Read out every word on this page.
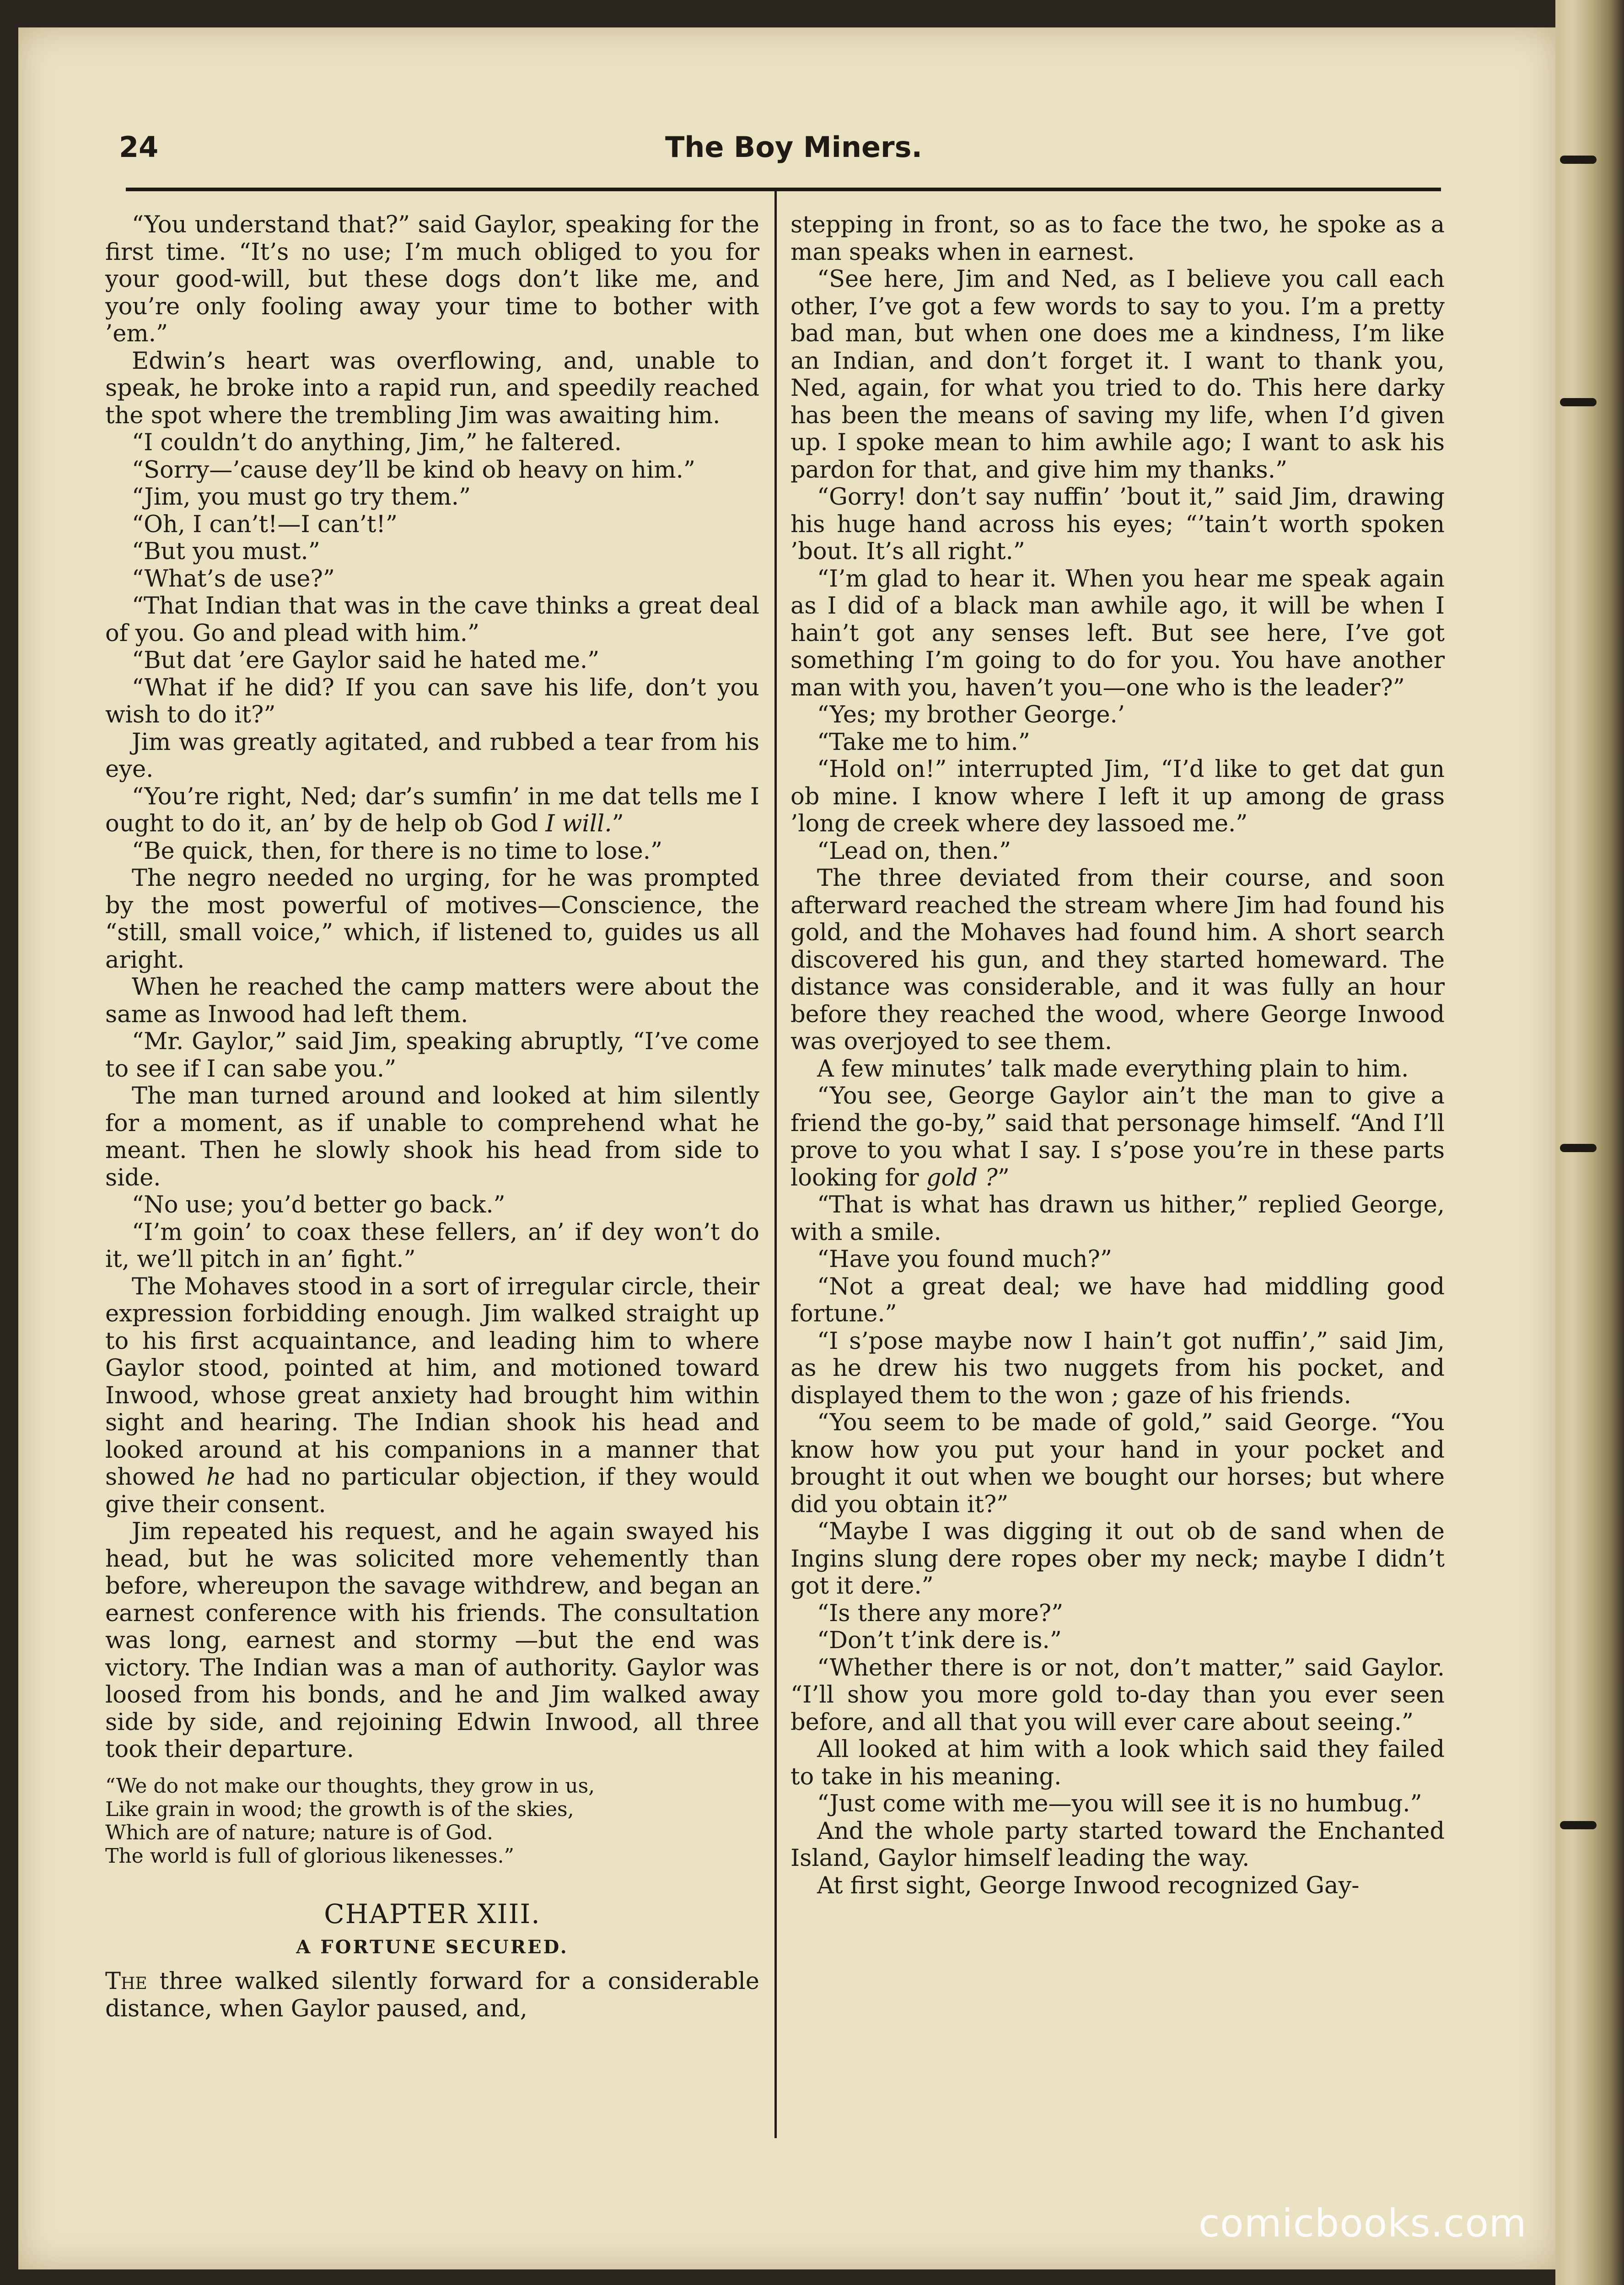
The Boy Miners.
24

“You understand that?” said Gaylor, speaking for the first time. “It’s no use; I’m much obliged to you for your good-will, but these dogs don’t like me, and you’re only fooling away your time to bother with ’em.”

Edwin’s heart was overflowing, and, unable to speak, he broke into a rapid run, and speedily reached the spot where the trembling Jim was awaiting him.

“I couldn’t do anything, Jim,” he faltered.

“Sorry—’cause dey’ll be kind ob heavy on him.”

“Jim, you must go try them.”

“Oh, I can’t!—I can’t!”

“But you must.”

“What’s de use?”

“That Indian that was in the cave thinks a great deal of you. Go and plead with him.”

“But dat ’ere Gaylor said he hated me.”

“What if he did? If you can save his life, don’t you wish to do it?”

Jim was greatly agitated, and rubbed a tear from his eye.

“You’re right, Ned; dar’s sumfin’ in me dat tells me I ought to do it, an’ by de help ob God I will.”

“Be quick, then, for there is no time to lose.”

The negro needed no urging, for he was prompted by the most powerful of motives—Conscience, the “still, small voice,” which, if listened to, guides us all aright.

When he reached the camp matters were about the same as Inwood had left them.

“Mr. Gaylor,” said Jim, speaking abruptly, “I’ve come to see if I can sabe you.”

The man turned around and looked at him silently for a moment, as if unable to comprehend what he meant. Then he slowly shook his head from side to side.

“No use; you’d better go back.”

“I’m goin’ to coax these fellers, an’ if dey won’t do it, we’ll pitch in an’ fight.”

The Mohaves stood in a sort of irregular circle, their expression forbidding enough. Jim walked straight up to his first acquaintance, and leading him to where Gaylor stood, pointed at him, and motioned toward Inwood, whose great anxiety had brought him within sight and hearing. The Indian shook his head and looked around at his companions in a manner that showed he had no particular objection, if they would give their consent.

Jim repeated his request, and he again swayed his head, but he was solicited more vehemently than before, whereupon the savage withdrew, and began an earnest conference with his friends. The consultation was long, earnest and stormy —but the end was victory. The Indian was a man of authority. Gaylor was loosed from his bonds, and he and Jim walked away side by side, and rejoining Edwin Inwood, all three took their departure.

“We do not make our thoughts, they grow in us,
Like grain in wood; the growth is of the skies,
Which are of nature; nature is of God.
The world is full of glorious likenesses.”
CHAPTER XIII.
A FORTUNE SECURED.

The three walked silently forward for a considerable distance, when Gaylor paused, and,

stepping in front, so as to face the two, he spoke as a man speaks when in earnest.

“See here, Jim and Ned, as I believe you call each other, I’ve got a few words to say to you. I’m a pretty bad man, but when one does me a kindness, I’m like an Indian, and don’t forget it. I want to thank you, Ned, again, for what you tried to do. This here darky has been the means of saving my life, when I’d given up. I spoke mean to him awhile ago; I want to ask his pardon for that, and give him my thanks.”

“Gorry! don’t say nuffin’ ’bout it,” said Jim, drawing his huge hand across his eyes; “’tain’t worth spoken ’bout. It’s all right.”

“I’m glad to hear it. When you hear me speak again as I did of a black man awhile ago, it will be when I hain’t got any senses left. But see here, I’ve got something I’m going to do for you. You have another man with you, haven’t you—one who is the leader?”

“Yes; my brother George.’

“Take me to him.”

“Hold on!” interrupted Jim, “I’d like to get dat gun ob mine. I know where I left it up among de grass ’long de creek where dey lassoed me.”

“Lead on, then.”

The three deviated from their course, and soon afterward reached the stream where Jim had found his gold, and the Mohaves had found him. A short search discovered his gun, and they started homeward. The distance was considerable, and it was fully an hour before they reached the wood, where George Inwood was overjoyed to see them.

A few minutes’ talk made everything plain to him.

“You see, George Gaylor ain’t the man to give a friend the go-by,” said that personage himself. “And I’ll prove to you what I say. I s’pose you’re in these parts looking for gold ?”

“That is what has drawn us hither,” replied George, with a smile.

“Have you found much?”

“Not a great deal; we have had middling good fortune.”

“I s’pose maybe now I hain’t got nuffin’,” said Jim, as he drew his two nuggets from his pocket, and displayed them to the won ; gaze of his friends.

“You seem to be made of gold,” said George. “You know how you put your hand in your pocket and brought it out when we bought our horses; but where did you obtain it?”

“Maybe I was digging it out ob de sand when de Ingins slung dere ropes ober my neck; maybe I didn’t got it dere.”

“Is there any more?”

“Don’t t’ink dere is.”

“Whether there is or not, don’t matter,” said Gaylor. “I’ll show you more gold to-day than you ever seen before, and all that you will ever care about seeing.”

All looked at him with a look which said they failed to take in his meaning.

“Just come with me—you will see it is no humbug.”

And the whole party started toward the Enchanted Island, Gaylor himself leading the way.

At first sight, George Inwood recognized Gay-

comicbooks.com
